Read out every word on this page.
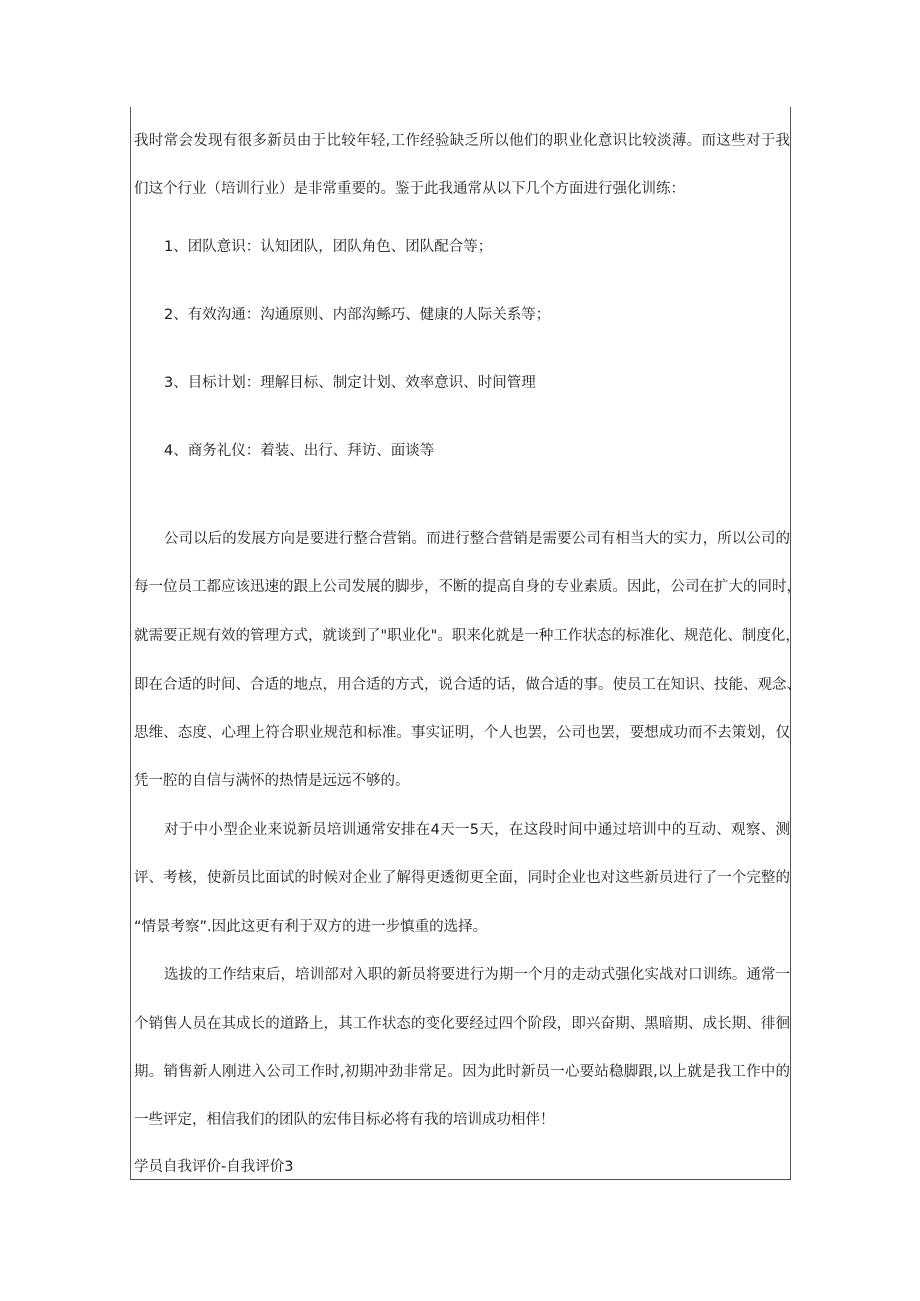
我时常会发现有很多新员由于比较年轻,工作经验缺乏所以他们的职业化意识比较淡薄。而这些对于我
们这个行业（培训行业）是非常重要的。鉴于此我通常从以下几个方面进行强化训练：
1、团队意识：认知团队，团队角色、团队配合等；
2、有效沟通：沟通原则、内部沟鲧巧、健康的人际关系等；
3、目标计划：理解目标、制定计划、效率意识、时间管理
4、商务礼仪：着装、出行、拜访、面谈等
公司以后的发展方向是要进行整合营销。而进行整合营销是需要公司有相当大的实力，所以公司的
每一位员工都应该迅速的跟上公司发展的脚步，不断的提高自身的专业素质。因此，公司在扩大的同时，
就需要正规有效的管理方式，就谈到了"职业化"。职来化就是一种工作状态的标准化、规范化、制度化，
即在合适的时间、合适的地点，用合适的方式，说合适的话，做合适的事。使员工在知识、技能、观念、
思维、态度、心理上符合职业规范和标准。事实证明，个人也罢，公司也罢，要想成功而不去策划，仅
凭一腔的自信与满怀的热情是远远不够的。
对于中小型企业来说新员培训通常安排在4天一5天，在这段时间中通过培训中的互动、观察、测
评、考核，使新员比面试的时候对企业了解得更透彻更全面，同时企业也对这些新员进行了一个完整的
“情景考察”.因此这更有利于双方的进一步慎重的选择。
选拔的工作结束后，培训部对入职的新员将要进行为期一个月的走动式强化实战对口训练。通常一
个销售人员在其成长的道路上，其工作状态的变化要经过四个阶段，即兴奋期、黑暗期、成长期、徘徊
期。销售新人刚进入公司工作时,初期冲劲非常足。因为此时新员一心要站稳脚跟,以上就是我工作中的
一些评定，相信我们的团队的宏伟目标必将有我的培训成功相伴！
学员自我评价-自我评价3
